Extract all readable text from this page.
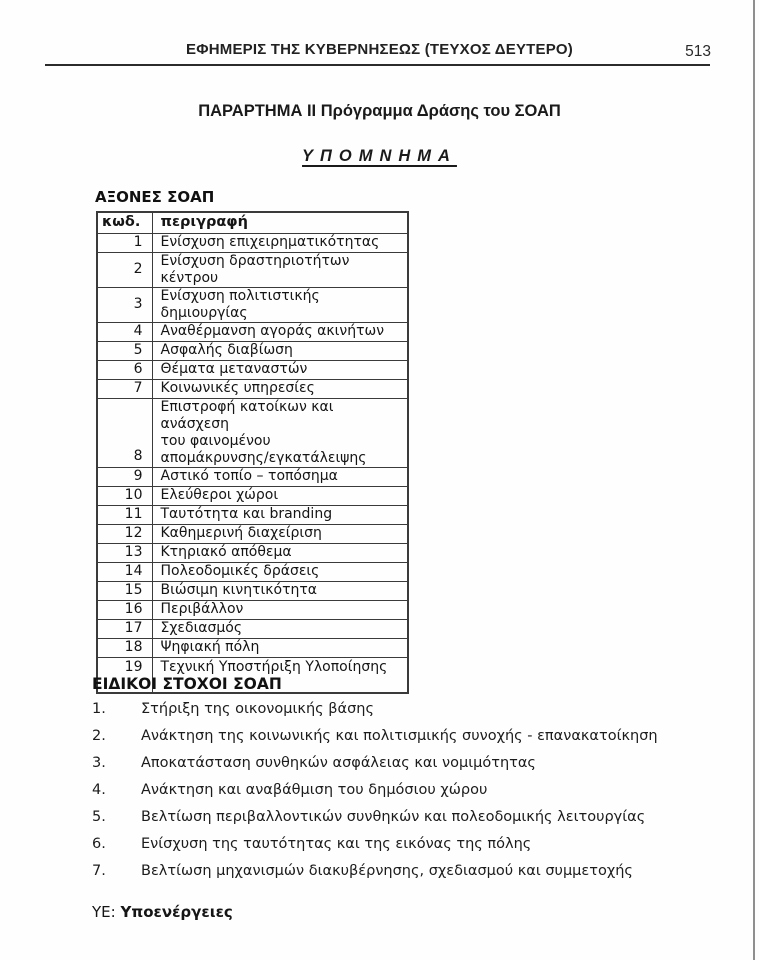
ΕΦΗΜΕΡΙΣ ΤΗΣ ΚΥΒΕΡΝΗΣΕΩΣ (ΤΕΥΧΟΣ ΔΕΥΤΕΡΟ)	513
ΠΑΡΑΡΤΗΜΑ ΙΙ Πρόγραμμα Δράσης του ΣΟΑΠ
ΥΠΟΜΝΗΜΑ
ΑΞΟΝΕΣ ΣΟΑΠ
κωδ.	περιγραφή
1	Ενίσχυση επιχειρηματικότητας
2	Ενίσχυση δραστηριοτήτων κέντρου
3	Ενίσχυση πολιτιστικής δημιουργίας
4	Αναθέρμανση αγοράς ακινήτων
5	Ασφαλής διαβίωση
6	Θέματα μεταναστών
7	Κοινωνικές υπηρεσίες
8	Επιστροφή κατοίκων και ανάσχεση
του φαινομένου
απομάκρυνσης/εγκατάλειψης
9	Αστικό τοπίο – τοπόσημα
10	Ελεύθεροι χώροι
11	Ταυτότητα και branding
12	Καθημερινή διαχείριση
13	Κτηριακό απόθεμα
14	Πολεοδομικές δράσεις
15	Βιώσιμη κινητικότητα
16	Περιβάλλον
17	Σχεδιασμός
18	Ψηφιακή πόλη
19	Τεχνική Υποστήριξη Υλοποίησης
ΕΙΔΙΚΟΙ ΣΤΟΧΟΙ ΣΟΑΠ
1.	Στήριξη της οικονομικής βάσης
2.	Ανάκτηση της κοινωνικής και πολιτισμικής συνοχής - επανακατοίκηση
3.	Αποκατάσταση συνθηκών ασφάλειας και νομιμότητας
4.	Ανάκτηση και αναβάθμιση του δημόσιου χώρου
5.	Βελτίωση περιβαλλοντικών συνθηκών και πολεοδομικής λειτουργίας
6.	Ενίσχυση της ταυτότητας και της εικόνας της πόλης
7.	Βελτίωση μηχανισμών διακυβέρνησης, σχεδιασμού και συμμετοχής
ΥΕ: Υποενέργειες
